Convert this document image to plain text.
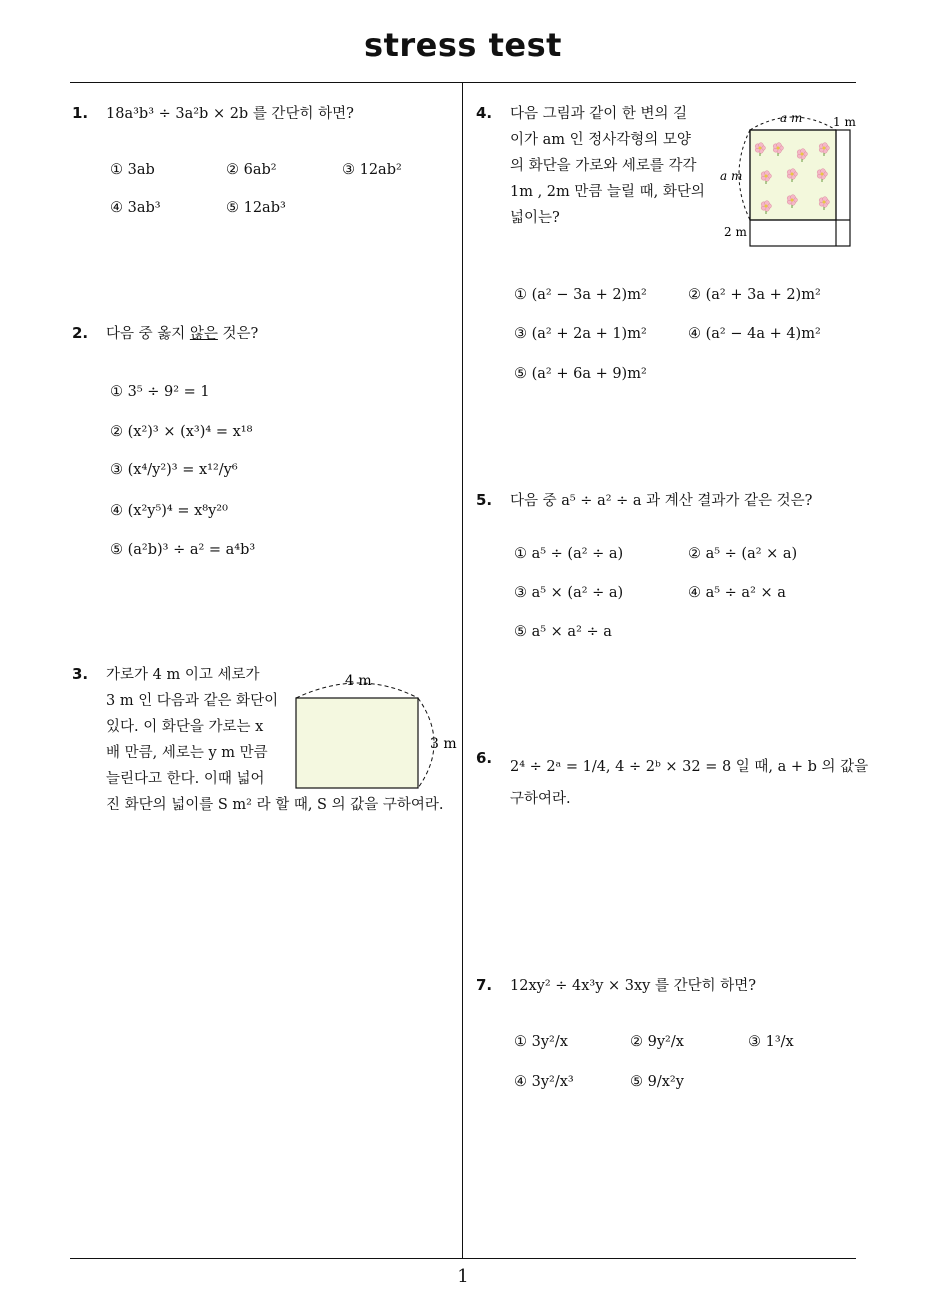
stress test
1
1. 18a³b³ ÷ 3a²b × 2b 를 간단히 하면?
① 3ab	② 6ab²	③ 12ab²
④ 3ab³	⑤ 12ab³
2. 다음 중 옳지 않은 것은?
① 3⁵ ÷ 9² = 1
② (x²)³ × (x³)⁴ = x¹⁸
③ (x⁴/y²)³ = x¹²/y⁶
④ (x²y⁵)⁴ = x⁸y²⁰
⑤ (a²b)³ ÷ a² = a⁴b³
3. 가로가 4 m 이고 세로가
3 m 인 다음과 같은 화단이
있다. 이 화단을 가로는 x
배 만큼, 세로는 y m 만큼
늘린다고 한다. 이때 넓어
진 화단의 넓이를 S m² 라 할 때, S 의 값을 구하여라.
4 m
3 m
4. 다음 그림과 같이 한 변의 길
이가 am 인 정사각형의 모양
의 화단을 가로와 세로를 각각
1m , 2m 만큼 늘릴 때, 화단의
넓이는?
a m	1 m
a m
2 m
① (a² − 3a + 2)m²	② (a² + 3a + 2)m²
③ (a² + 2a + 1)m²	④ (a² − 4a + 4)m²
⑤ (a² + 6a + 9)m²
5. 다음 중 a⁵ ÷ a² ÷ a 과 계산 결과가 같은 것은?
① a⁵ ÷ (a² ÷ a)	② a⁵ ÷ (a² × a)
③ a⁵ × (a² ÷ a)	④ a⁵ ÷ a² × a
⑤ a⁵ × a² ÷ a
6. 2⁴ ÷ 2ᵃ = 1/4, 4 ÷ 2ᵇ × 32 = 8 일 때, a + b 의 값을
구하여라.
7. 12xy² ÷ 4x³y × 3xy 를 간단히 하면?
① 3y²/x	② 9y²/x	③ 1³/x
④ 3y²/x³	⑤ 9/x²y
